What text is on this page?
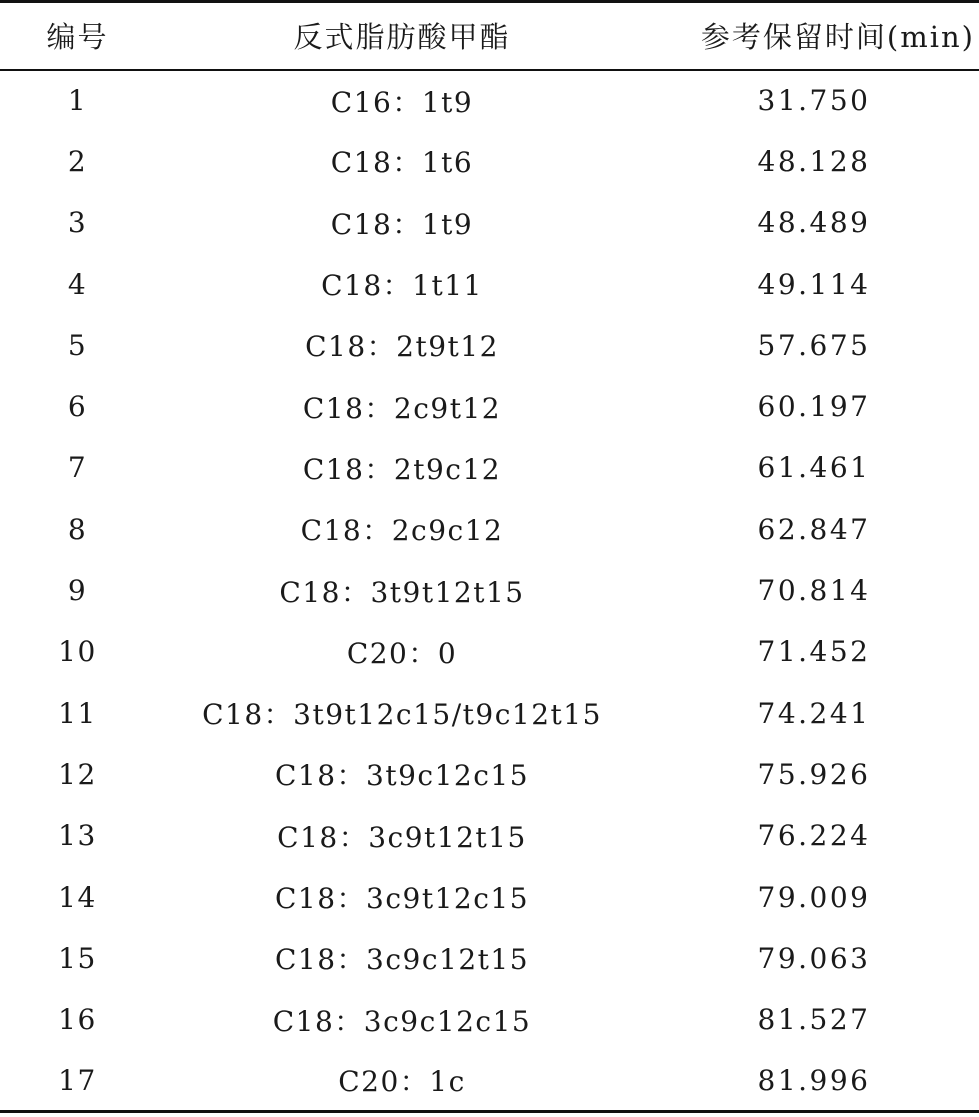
编号	反式脂肪酸甲酯	参考保留时间(min)
1	C16：1t9	31.750
2	C18：1t6	48.128
3	C18：1t9	48.489
4	C18：1t11	49.114
5	C18：2t9t12	57.675
6	C18：2c9t12	60.197
7	C18：2t9c12	61.461
8	C18：2c9c12	62.847
9	C18：3t9t12t15	70.814
10	C20：0	71.452
11	C18：3t9t12c15/t9c12t15	74.241
12	C18：3t9c12c15	75.926
13	C18：3c9t12t15	76.224
14	C18：3c9t12c15	79.009
15	C18：3c9c12t15	79.063
16	C18：3c9c12c15	81.527
17	C20：1c	81.996
